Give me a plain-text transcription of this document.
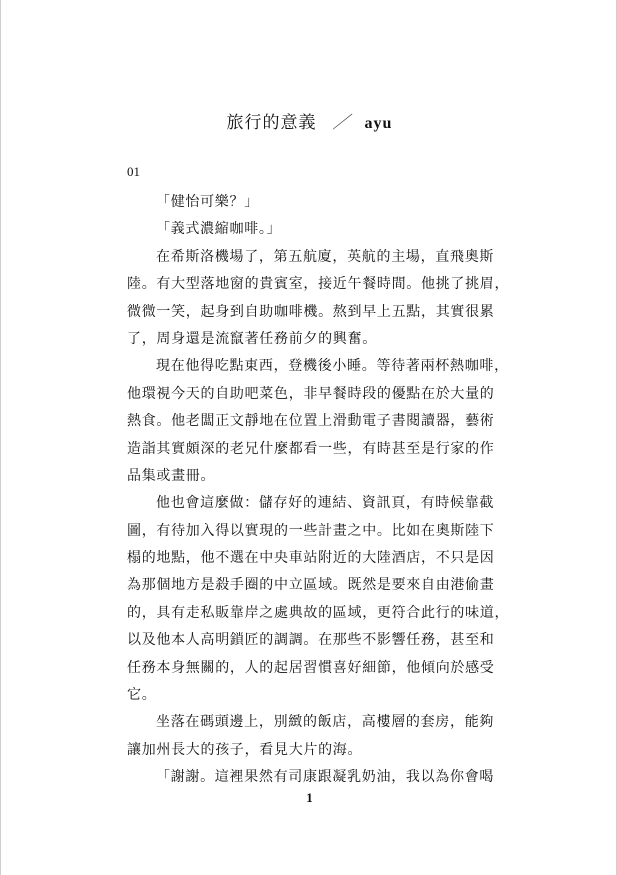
旅行的意義 ／ ayu
01
「健怡可樂？」
「義式濃縮咖啡。」
在希斯洛機場了，第五航廈，英航的主場，直飛奧斯
陸。有大型落地窗的貴賓室，接近午餐時間。他挑了挑眉，
微微一笑，起身到自助咖啡機。熬到早上五點，其實很累
了，周身還是流竄著任務前夕的興奮。
現在他得吃點東西，登機後小睡。等待著兩杯熱咖啡，
他環視今天的自助吧菜色，非早餐時段的優點在於大量的
熱食。他老闆正文靜地在位置上滑動電子書閱讀器，藝術
造詣其實頗深的老兄什麼都看一些，有時甚至是行家的作
品集或畫冊。
他也會這麼做：儲存好的連結、資訊頁，有時候靠截
圖，有待加入得以實現的一些計畫之中。比如在奧斯陸下
榻的地點，他不選在中央車站附近的大陸酒店，不只是因
為那個地方是殺手圈的中立區域。既然是要來自由港偷畫
的，具有走私販靠岸之處典故的區域，更符合此行的味道，
以及他本人高明鎖匠的調調。在那些不影響任務，甚至和
任務本身無關的，人的起居習慣喜好細節，他傾向於感受
它。
坐落在碼頭邊上，別緻的飯店，高樓層的套房，能夠
讓加州長大的孩子，看見大片的海。
「謝謝。這裡果然有司康跟凝乳奶油，我以為你會喝
1
